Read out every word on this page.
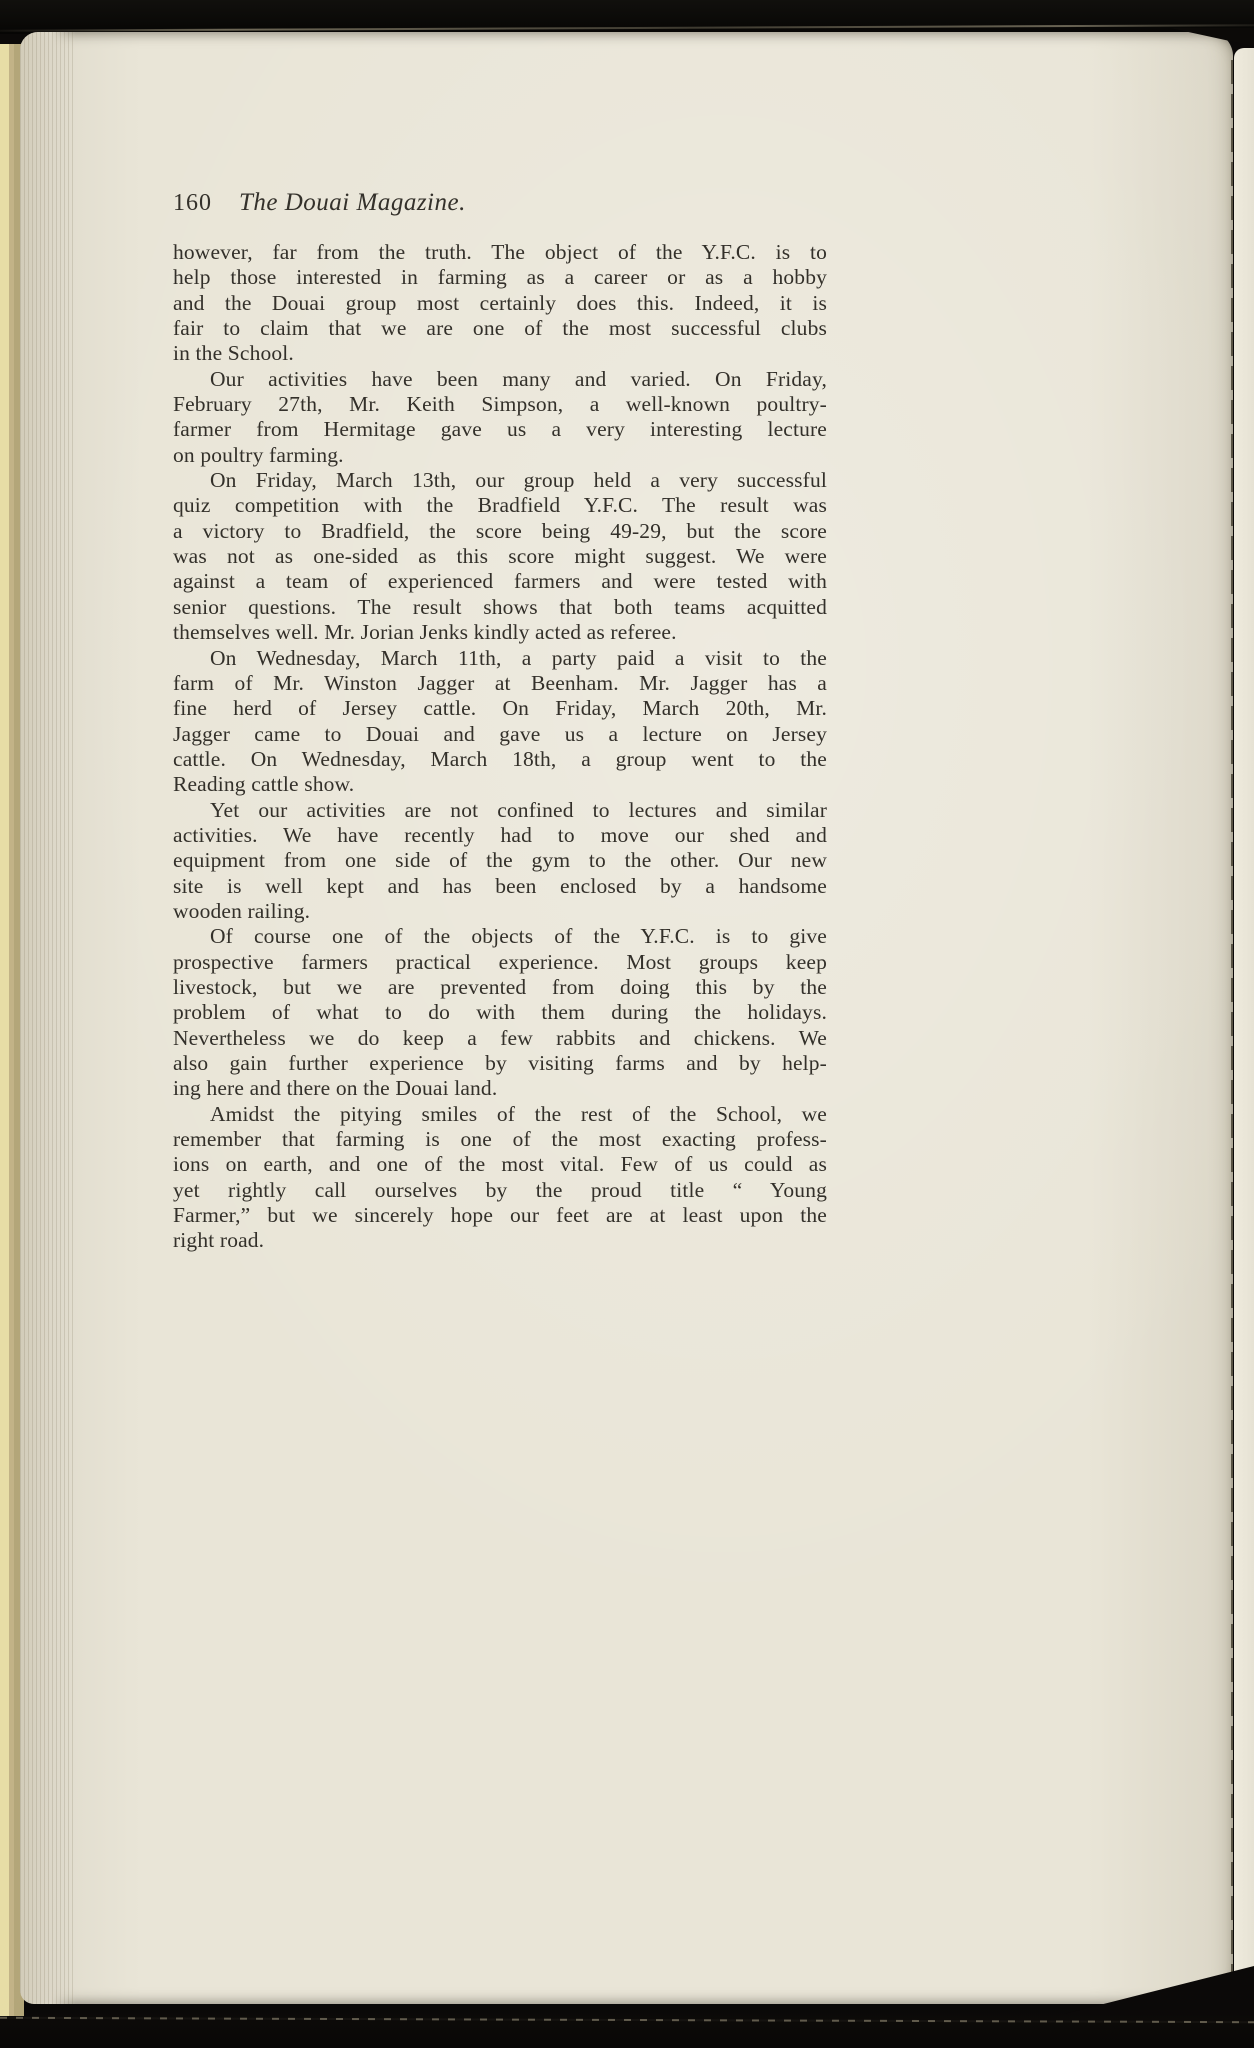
160 The Douai Magazine.
however, far from the truth. The object of the Y.F.C. is to
help those interested in farming as a career or as a hobby
and the Douai group most certainly does this. Indeed, it is
fair to claim that we are one of the most successful clubs
in the School.
Our activities have been many and varied. On Friday,
February 27th, Mr. Keith Simpson, a well-known poultry-
farmer from Hermitage gave us a very interesting lecture
on poultry farming.
On Friday, March 13th, our group held a very successful
quiz competition with the Bradfield Y.F.C. The result was
a victory to Bradfield, the score being 49-29, but the score
was not as one-sided as this score might suggest. We were
against a team of experienced farmers and were tested with
senior questions. The result shows that both teams acquitted
themselves well. Mr. Jorian Jenks kindly acted as referee.
On Wednesday, March 11th, a party paid a visit to the
farm of Mr. Winston Jagger at Beenham. Mr. Jagger has a
fine herd of Jersey cattle. On Friday, March 20th, Mr.
Jagger came to Douai and gave us a lecture on Jersey
cattle. On Wednesday, March 18th, a group went to the
Reading cattle show.
Yet our activities are not confined to lectures and similar
activities. We have recently had to move our shed and
equipment from one side of the gym to the other. Our new
site is well kept and has been enclosed by a handsome
wooden railing.
Of course one of the objects of the Y.F.C. is to give
prospective farmers practical experience. Most groups keep
livestock, but we are prevented from doing this by the
problem of what to do with them during the holidays.
Nevertheless we do keep a few rabbits and chickens. We
also gain further experience by visiting farms and by help-
ing here and there on the Douai land.
Amidst the pitying smiles of the rest of the School, we
remember that farming is one of the most exacting profess-
ions on earth, and one of the most vital. Few of us could as
yet rightly call ourselves by the proud title “ Young
Farmer,” but we sincerely hope our feet are at least upon the
right road.
